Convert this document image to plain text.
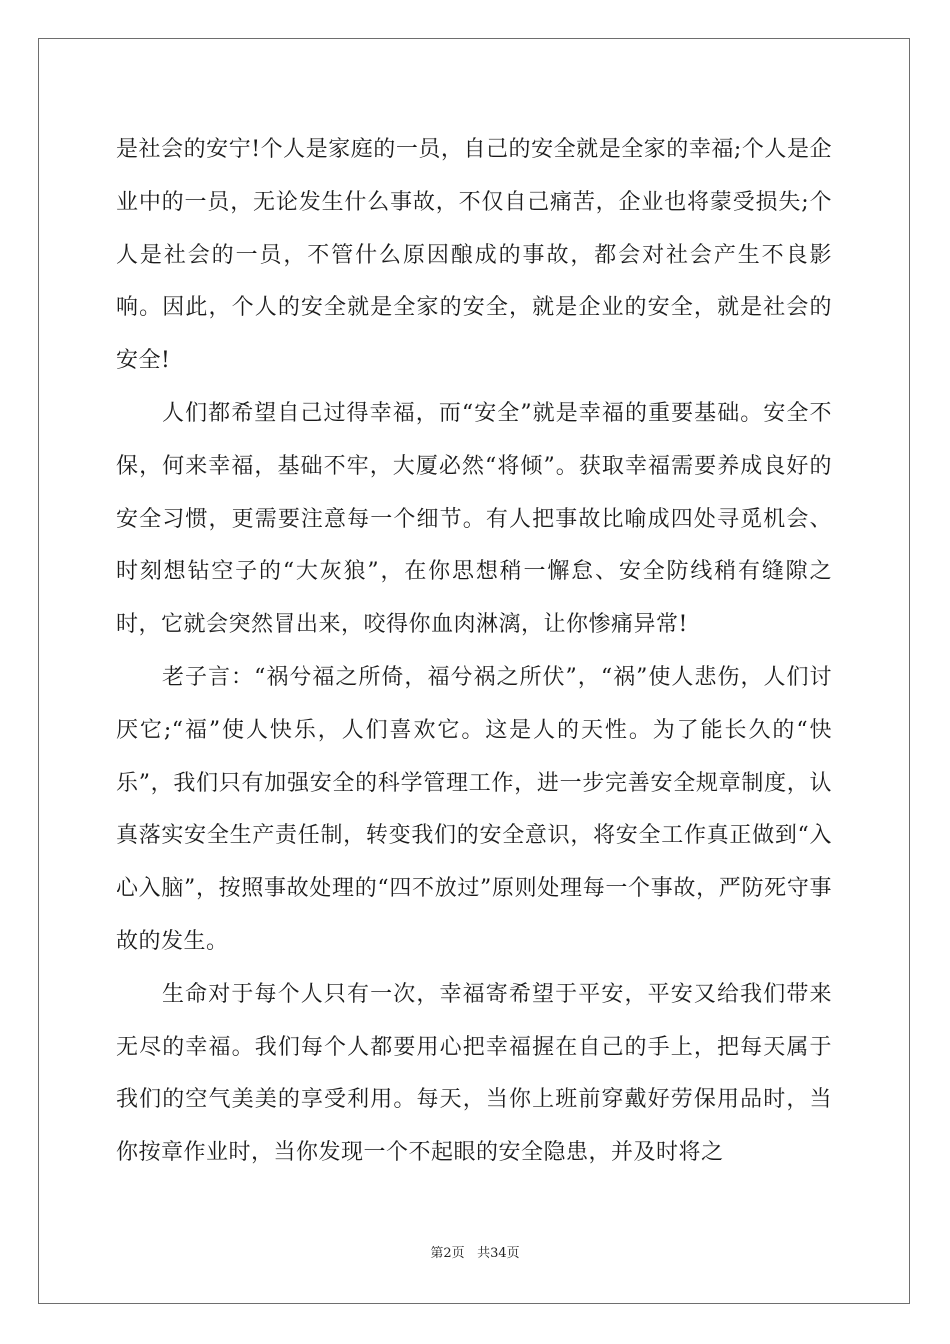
是社会的安宁!个人是家庭的一员，自己的安全就是全家的幸福;个人是企业中的一员，无论发生什么事故，不仅自己痛苦，企业也将蒙受损失;个人是社会的一员，不管什么原因酿成的事故，都会对社会产生不良影响。因此，个人的安全就是全家的安全，就是企业的安全，就是社会的安全!

人们都希望自己过得幸福，而“安全”就是幸福的重要基础。安全不保，何来幸福，基础不牢，大厦必然“将倾”。获取幸福需要养成良好的安全习惯，更需要注意每一个细节。有人把事故比喻成四处寻觅机会、时刻想钻空子的“大灰狼”，在你思想稍一懈怠、安全防线稍有缝隙之时，它就会突然冒出来，咬得你血肉淋漓，让你惨痛异常!

老子言：“祸兮福之所倚，福兮祸之所伏”，“祸”使人悲伤，人们讨厌它;“福”使人快乐，人们喜欢它。这是人的天性。为了能长久的“快乐”，我们只有加强安全的科学管理工作，进一步完善安全规章制度，认真落实安全生产责任制，转变我们的安全意识，将安全工作真正做到“入心入脑”，按照事故处理的“四不放过”原则处理每一个事故，严防死守事故的发生。

生命对于每个人只有一次，幸福寄希望于平安，平安又给我们带来无尽的幸福。我们每个人都要用心把幸福握在自己的手上，把每天属于我们的空气美美的享受利用。每天，当你上班前穿戴好劳保用品时，当你按章作业时，当你发现一个不起眼的安全隐患，并及时将之

第2页 共34页
